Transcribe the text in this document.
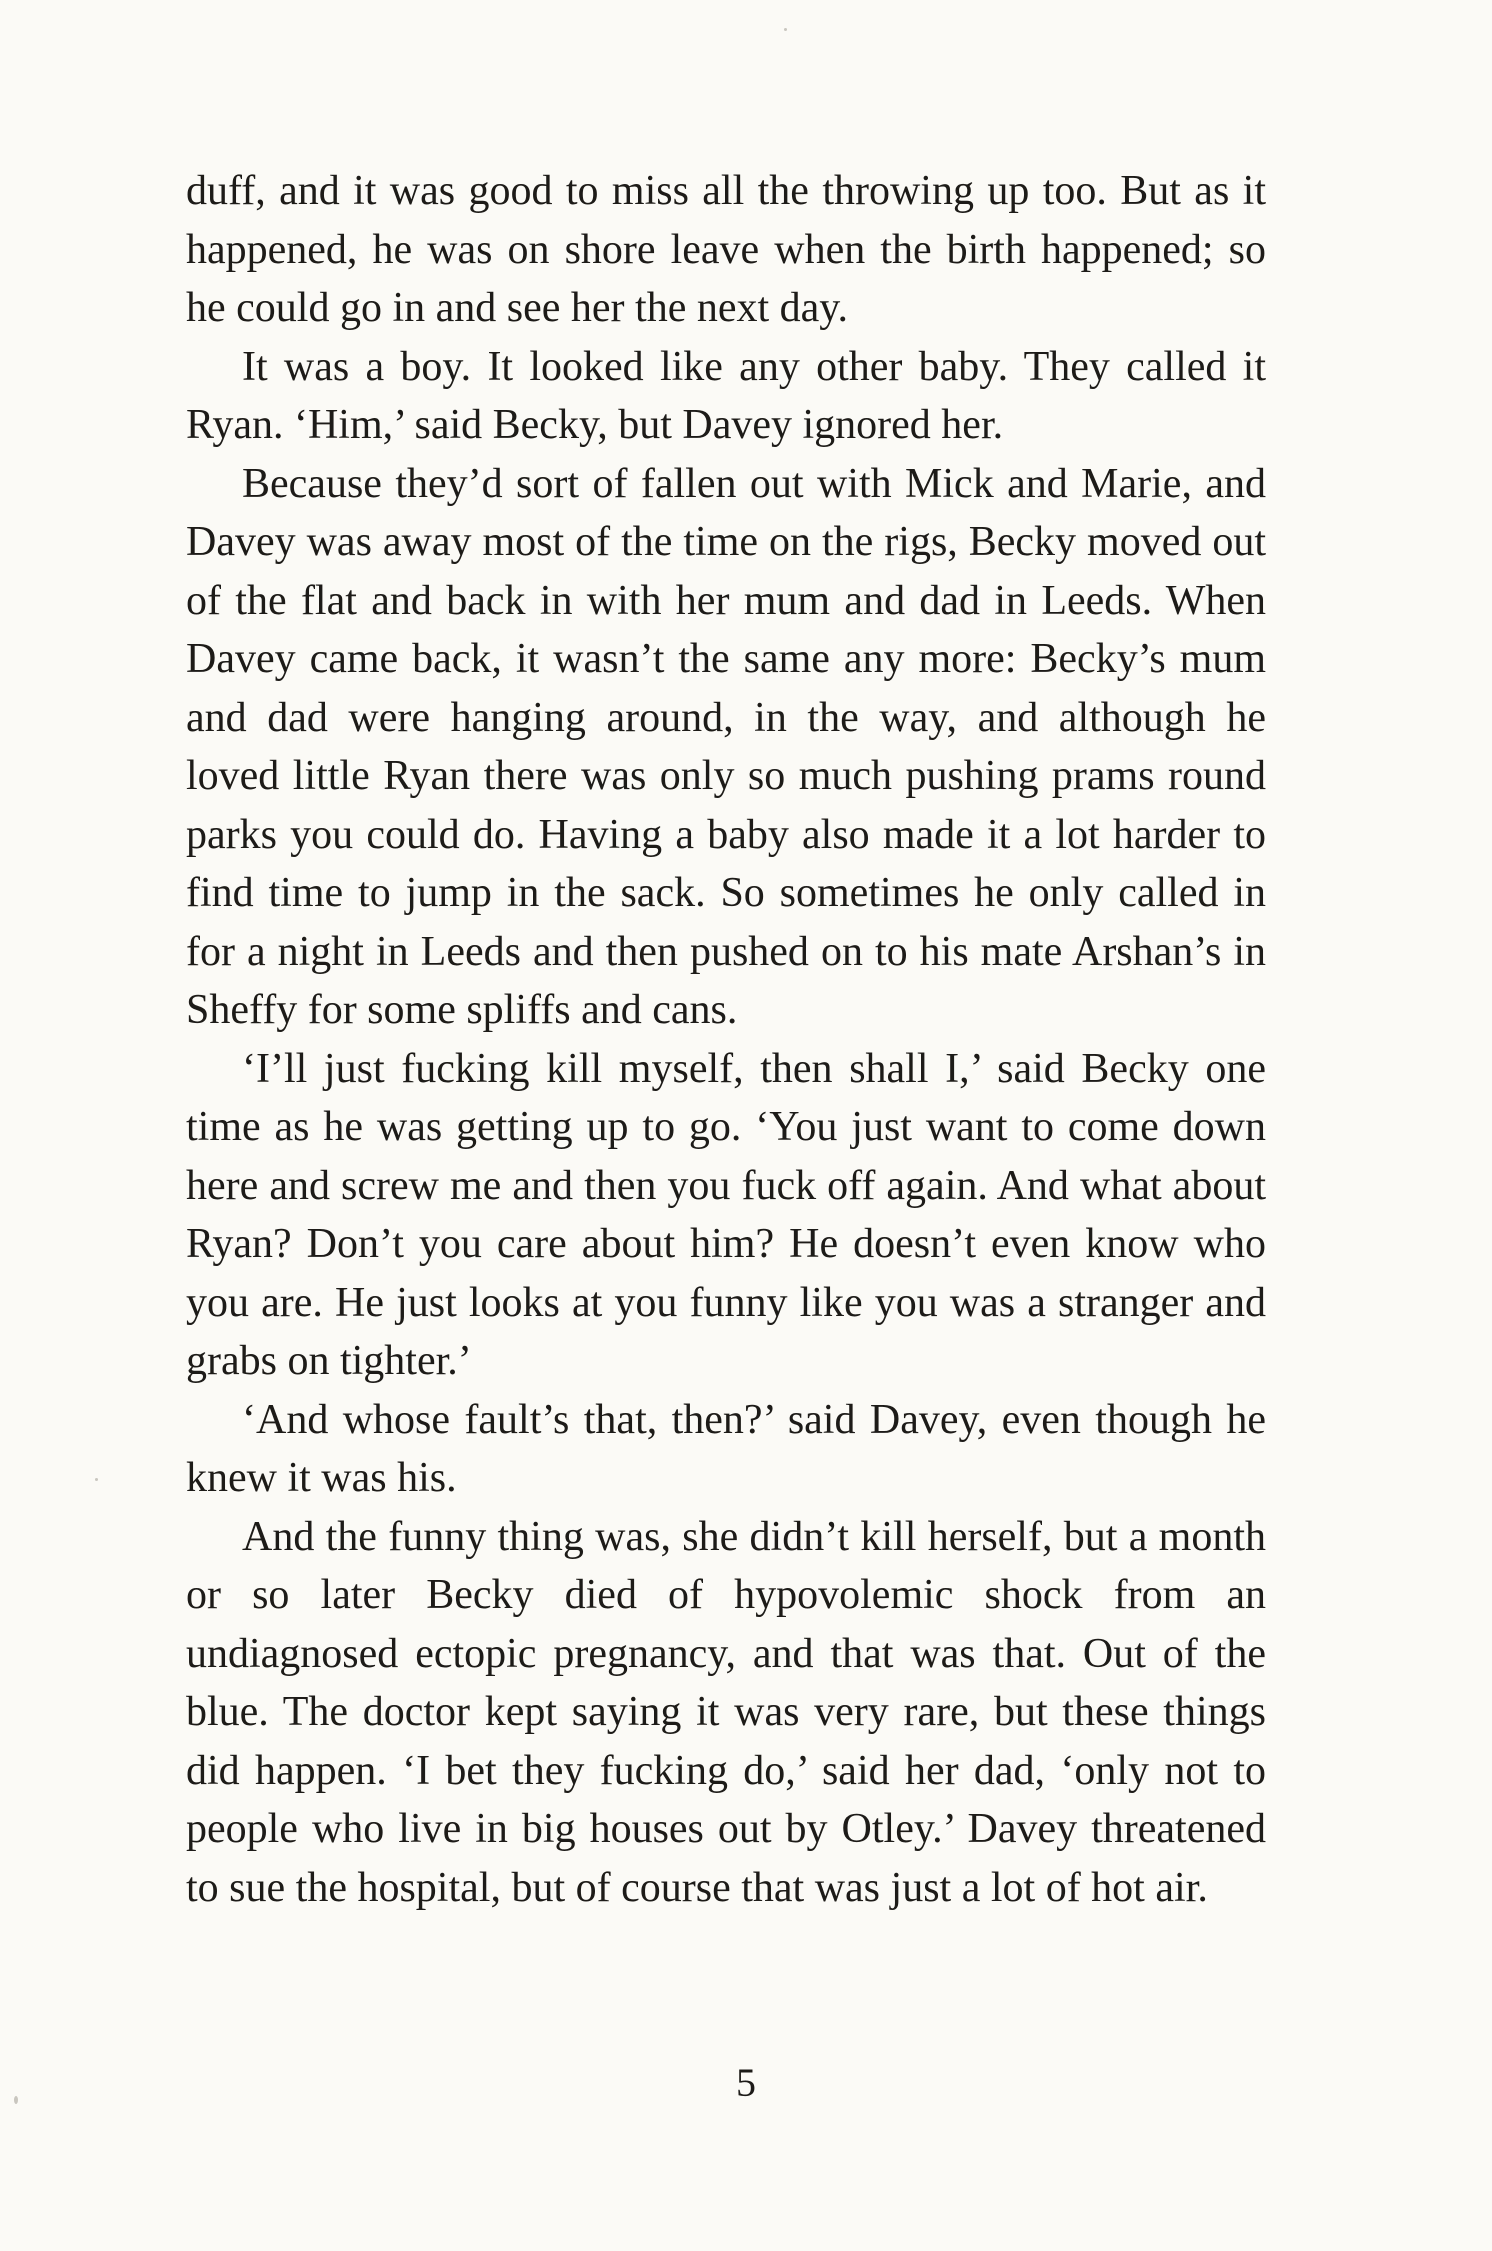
duff, and it was good to miss all the throwing up too. But as it happened, he was on shore leave when the birth happened; so he could go in and see her the next day.

It was a boy. It looked like any other baby. They called it Ryan. ‘Him,’ said Becky, but Davey ignored her.

Because they’d sort of fallen out with Mick and Marie, and Davey was away most of the time on the rigs, Becky moved out of the flat and back in with her mum and dad in Leeds. When Davey came back, it wasn’t the same any more: Becky’s mum and dad were hanging around, in the way, and although he loved little Ryan there was only so much pushing prams round parks you could do. Having a baby also made it a lot harder to find time to jump in the sack. So sometimes he only called in for a night in Leeds and then pushed on to his mate Arshan’s in Sheffy for some spliffs and cans.

‘I’ll just fucking kill myself, then shall I,’ said Becky one time as he was getting up to go. ‘You just want to come down here and screw me and then you fuck off again. And what about Ryan? Don’t you care about him? He doesn’t even know who you are. He just looks at you funny like you was a stranger and grabs on tighter.’

‘And whose fault’s that, then?’ said Davey, even though he knew it was his.

And the funny thing was, she didn’t kill herself, but a month or so later Becky died of hypovolemic shock from an undiagnosed ectopic pregnancy, and that was that. Out of the blue. The doctor kept saying it was very rare, but these things did happen. ‘I bet they fucking do,’ said her dad, ‘only not to people who live in big houses out by Otley.’ Davey threatened to sue the hospital, but of course that was just a lot of hot air.

5
